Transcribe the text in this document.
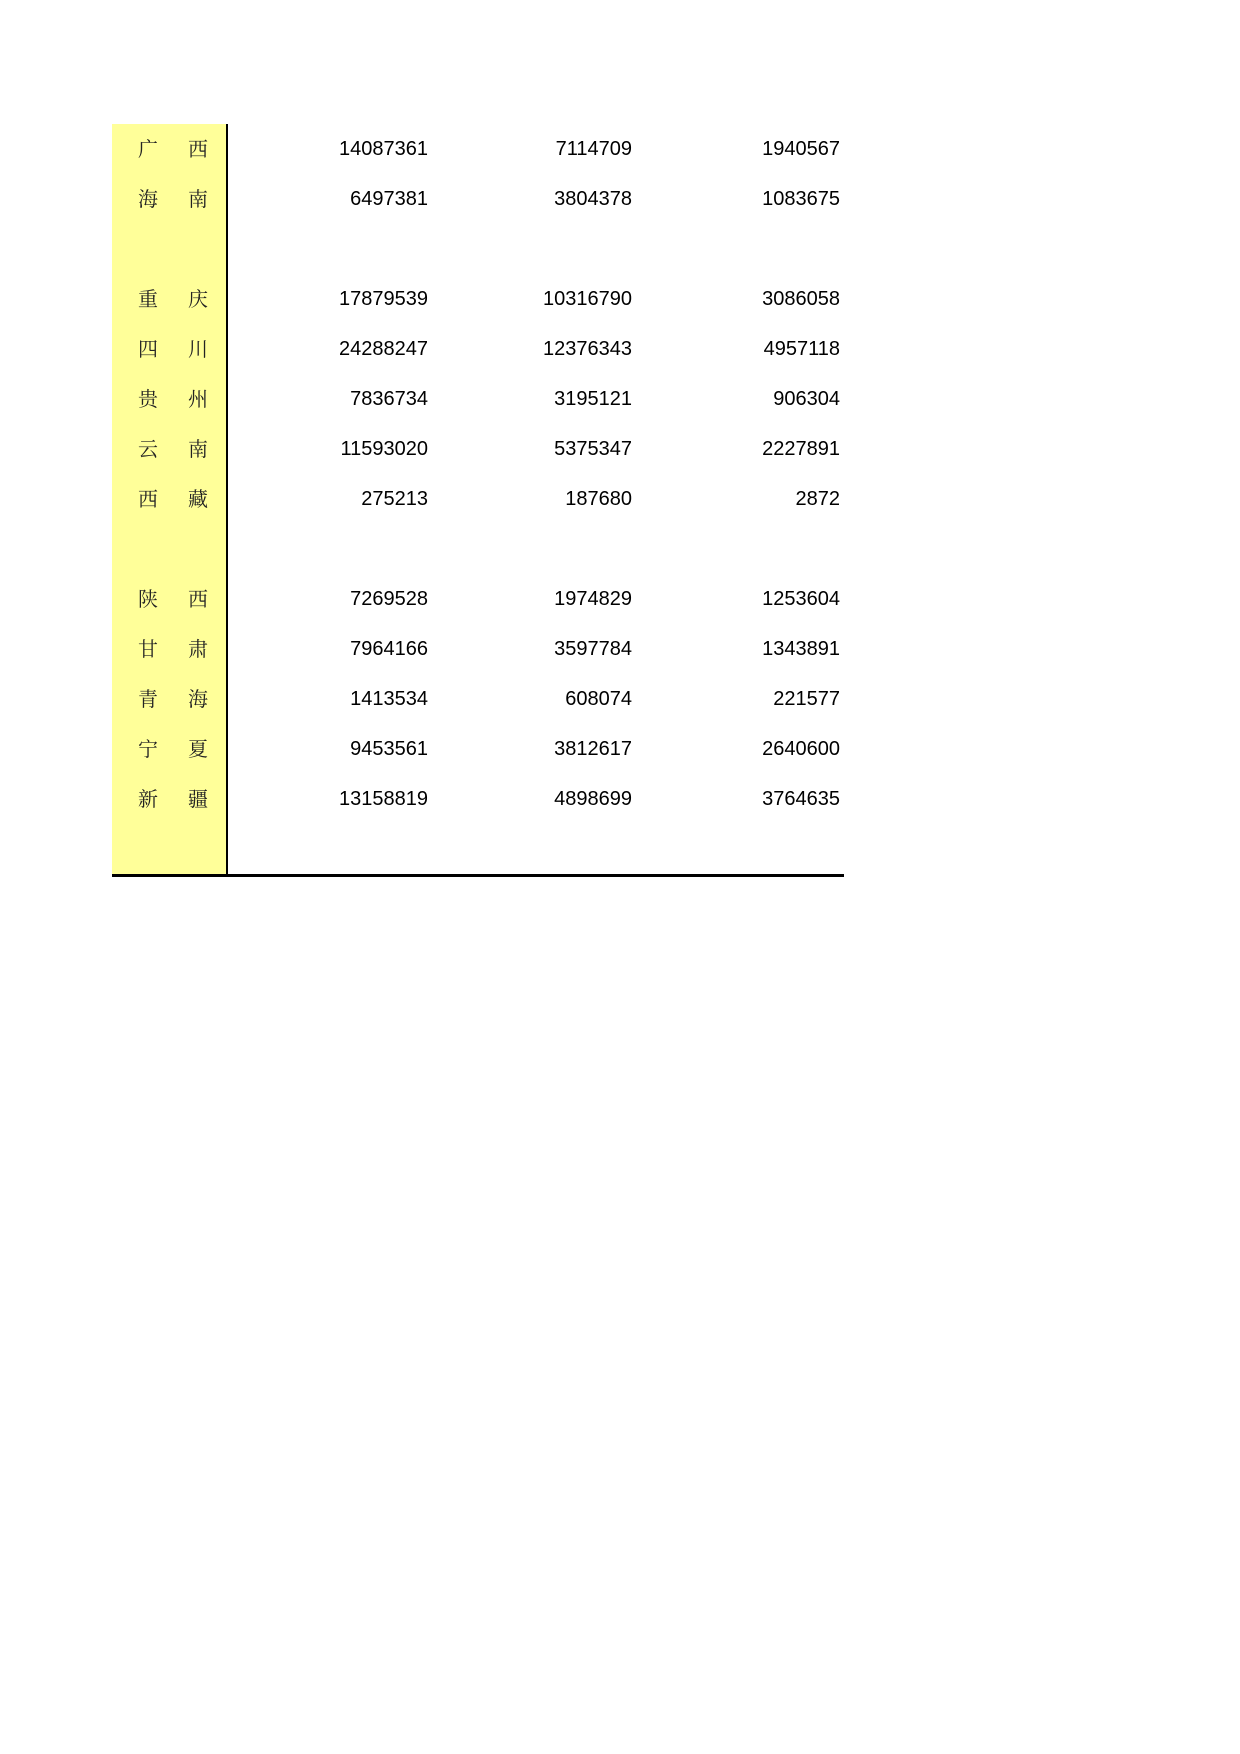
广 西	14087361	7114709	1940567
海 南	6497381	3804378	1083675
重 庆	17879539	10316790	3086058
四 川	24288247	12376343	4957118
贵 州	7836734	3195121	906304
云 南	11593020	5375347	2227891
西 藏	275213	187680	2872
陕 西	7269528	1974829	1253604
甘 肃	7964166	3597784	1343891
青 海	1413534	608074	221577
宁 夏	9453561	3812617	2640600
新 疆	13158819	4898699	3764635
